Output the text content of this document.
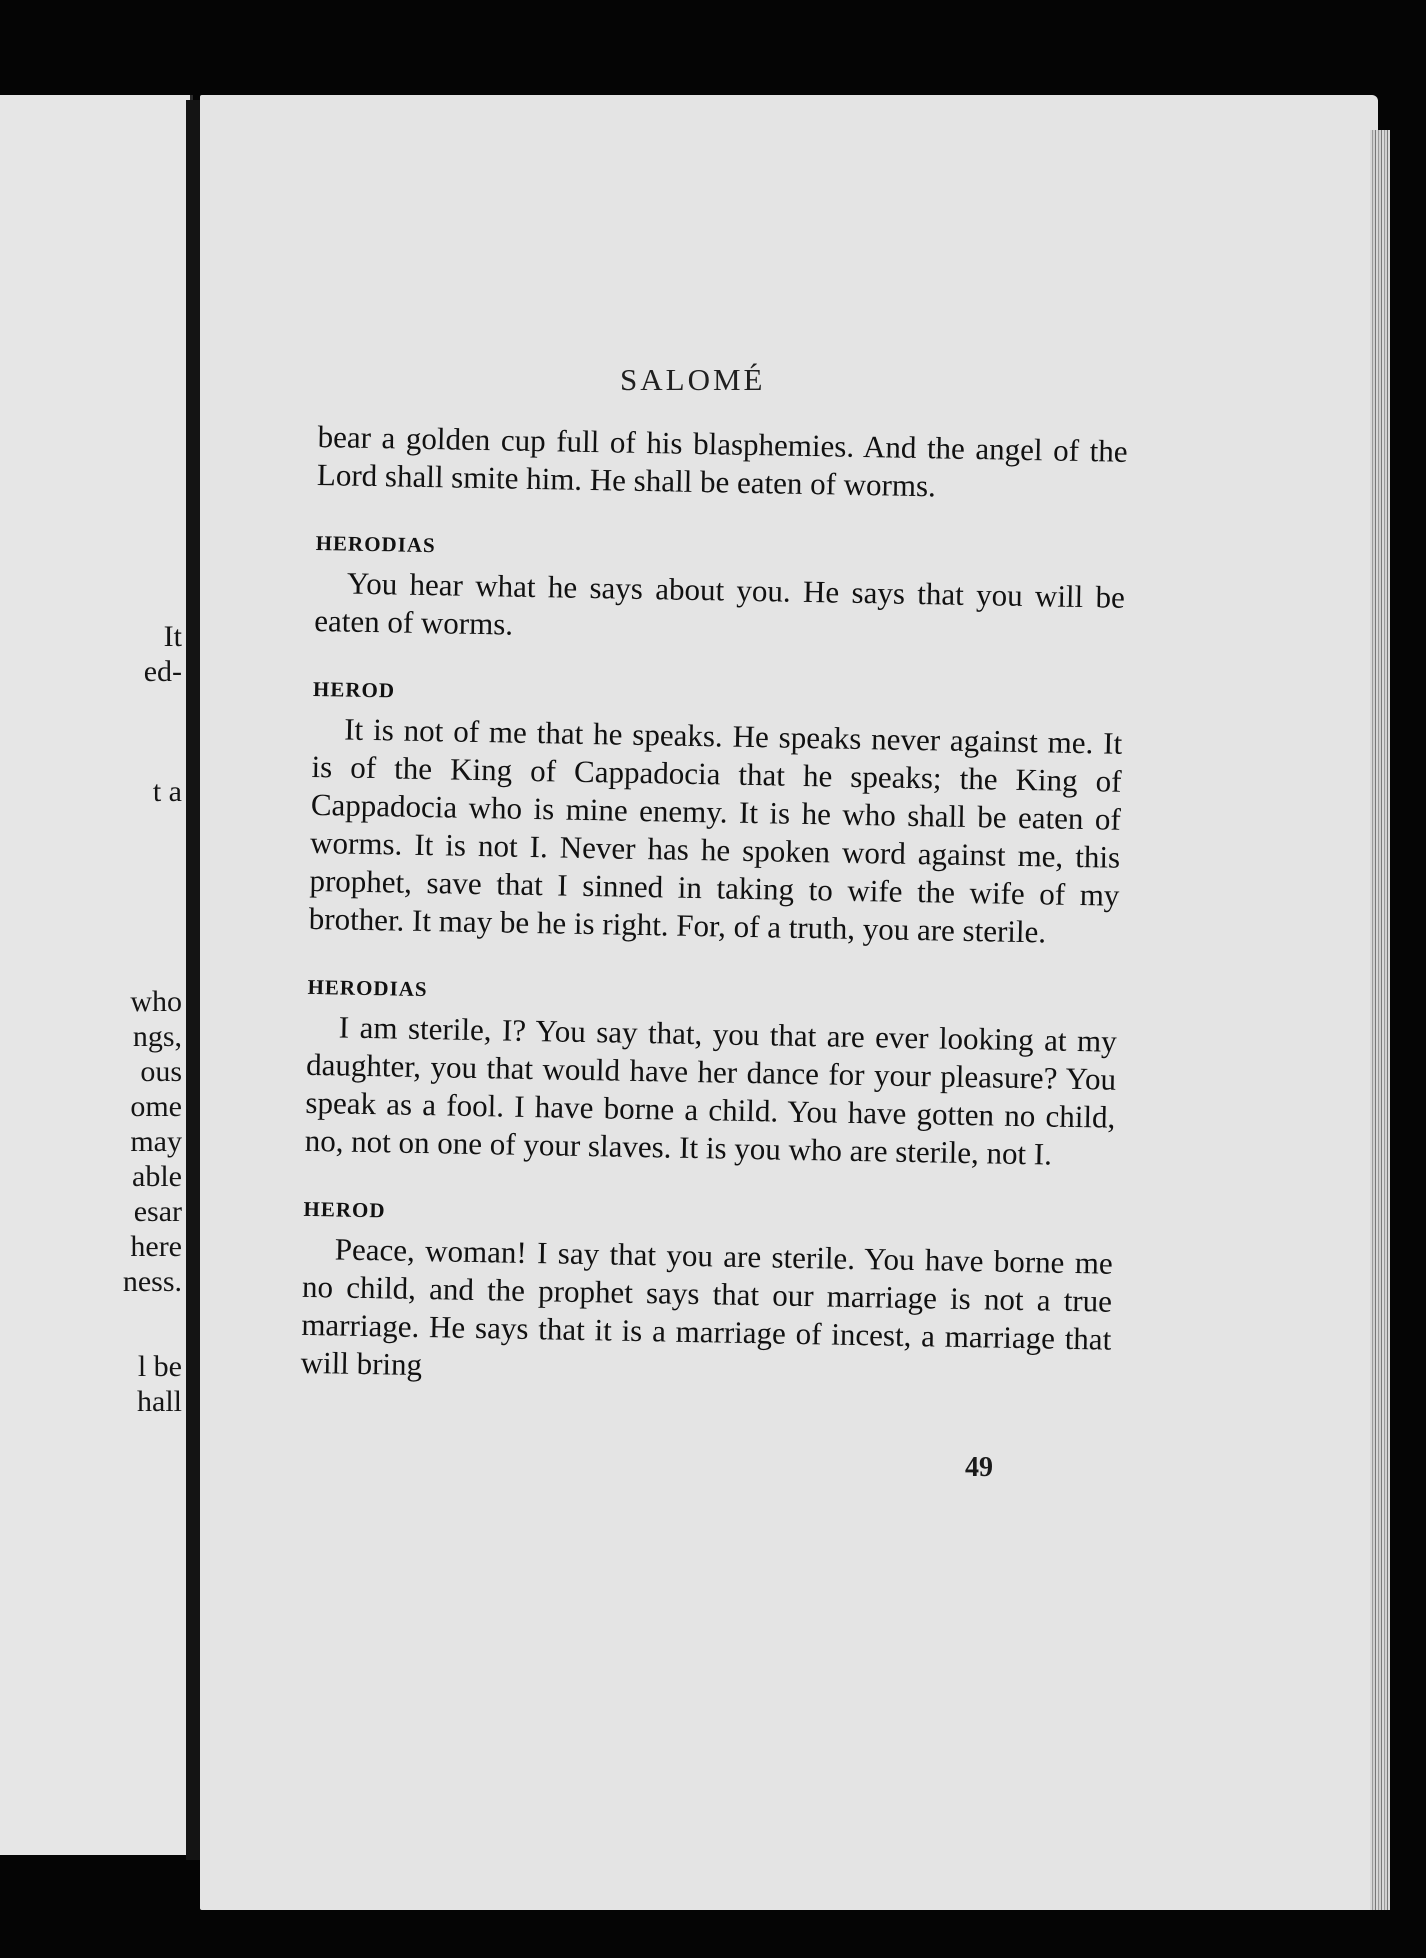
It
ed-
t a
who
ngs,
ous
ome
may
able
esar
here
ness.
l be
hall
SALOMÉ

bear a golden cup full of his blasphemies. And the angel of the Lord shall smite him. He shall be eaten of worms.

HERODIAS

You hear what he says about you. He says that you will be eaten of worms.

HEROD

It is not of me that he speaks. He speaks never against me. It is of the King of Cappadocia that he speaks; the King of Cappadocia who is mine enemy. It is he who shall be eaten of worms. It is not I. Never has he spoken word against me, this prophet, save that I sinned in taking to wife the wife of my brother. It may be he is right. For, of a truth, you are sterile.

HERODIAS

I am sterile, I? You say that, you that are ever looking at my daughter, you that would have her dance for your pleasure? You speak as a fool. I have borne a child. You have gotten no child, no, not on one of your slaves. It is you who are sterile, not I.

HEROD

Peace, woman! I say that you are sterile. You have borne me no child, and the prophet says that our marriage is not a true marriage. He says that it is a marriage of incest, a marriage that will bring

49
